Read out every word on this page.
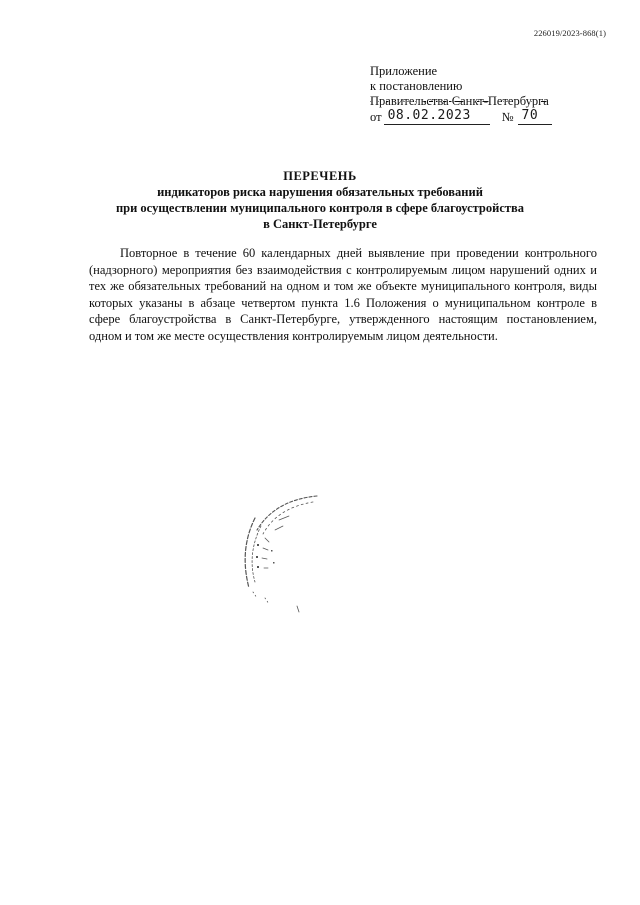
226019/2023-868(1)
Приложение
к постановлению
Правительства Санкт-Петербурга
от 08.02.2023 № 70
ПЕРЕЧЕНЬ
индикаторов риска нарушения обязательных требований
при осуществлении муниципального контроля в сфере благоустройства
в Санкт-Петербурге
Повторное в течение 60 календарных дней выявление при проведении контрольного (надзорного) мероприятия без взаимодействия с контролируемым лицом нарушений одних и тех же обязательных требований на одном и том же объекте муниципального контроля, виды которых указаны в абзаце четвертом пункта 1.6 Положения о муниципальном контроле в сфере благоустройства в Санкт-Петербурге, утвержденного настоящим постановлением, одном и том же месте осуществления контролируемым лицом деятельности.
